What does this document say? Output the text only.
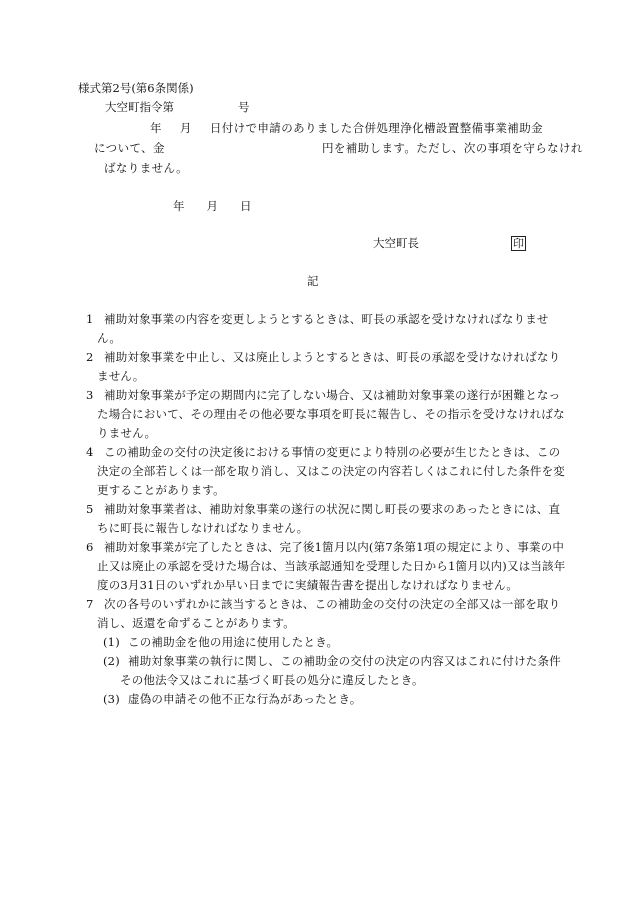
様式第2号(第6条関係)
大空町指令第	号
年 月 日付けで申請のありました合併処理浄化槽設置整備事業補助金
について、金	円を補助します。ただし、次の事項を守らなけれ
ばなりません。
年 月 日
大空町長	印
記
1 補助対象事業の内容を変更しようとするときは、町長の承認を受けなければなりません。
2 補助対象事業を中止し、又は廃止しようとするときは、町長の承認を受けなければなりません。
3 補助対象事業が予定の期間内に完了しない場合、又は補助対象事業の遂行が困難となった場合において、その理由その他必要な事項を町長に報告し、その指示を受けなければなりません。
4 この補助金の交付の決定後における事情の変更により特別の必要が生じたときは、この決定の全部若しくは一部を取り消し、又はこの決定の内容若しくはこれに付した条件を変更することがあります。
5 補助対象事業者は、補助対象事業の遂行の状況に関し町長の要求のあったときには、直ちに町長に報告しなければなりません。
6 補助対象事業が完了したときは、完了後1箇月以内(第7条第1項の規定により、事業の中止又は廃止の承認を受けた場合は、当該承認通知を受理した日から1箇月以内)又は当該年度の3月31日のいずれか早い日までに実績報告書を提出しなければなりません。
7 次の各号のいずれかに該当するときは、この補助金の交付の決定の全部又は一部を取り消し、返還を命ずることがあります。
(1) この補助金を他の用途に使用したとき。
(2) 補助対象事業の執行に関し、この補助金の交付の決定の内容又はこれに付けた条件その他法令又はこれに基づく町長の処分に違反したとき。
(3) 虚偽の申請その他不正な行為があったとき。
